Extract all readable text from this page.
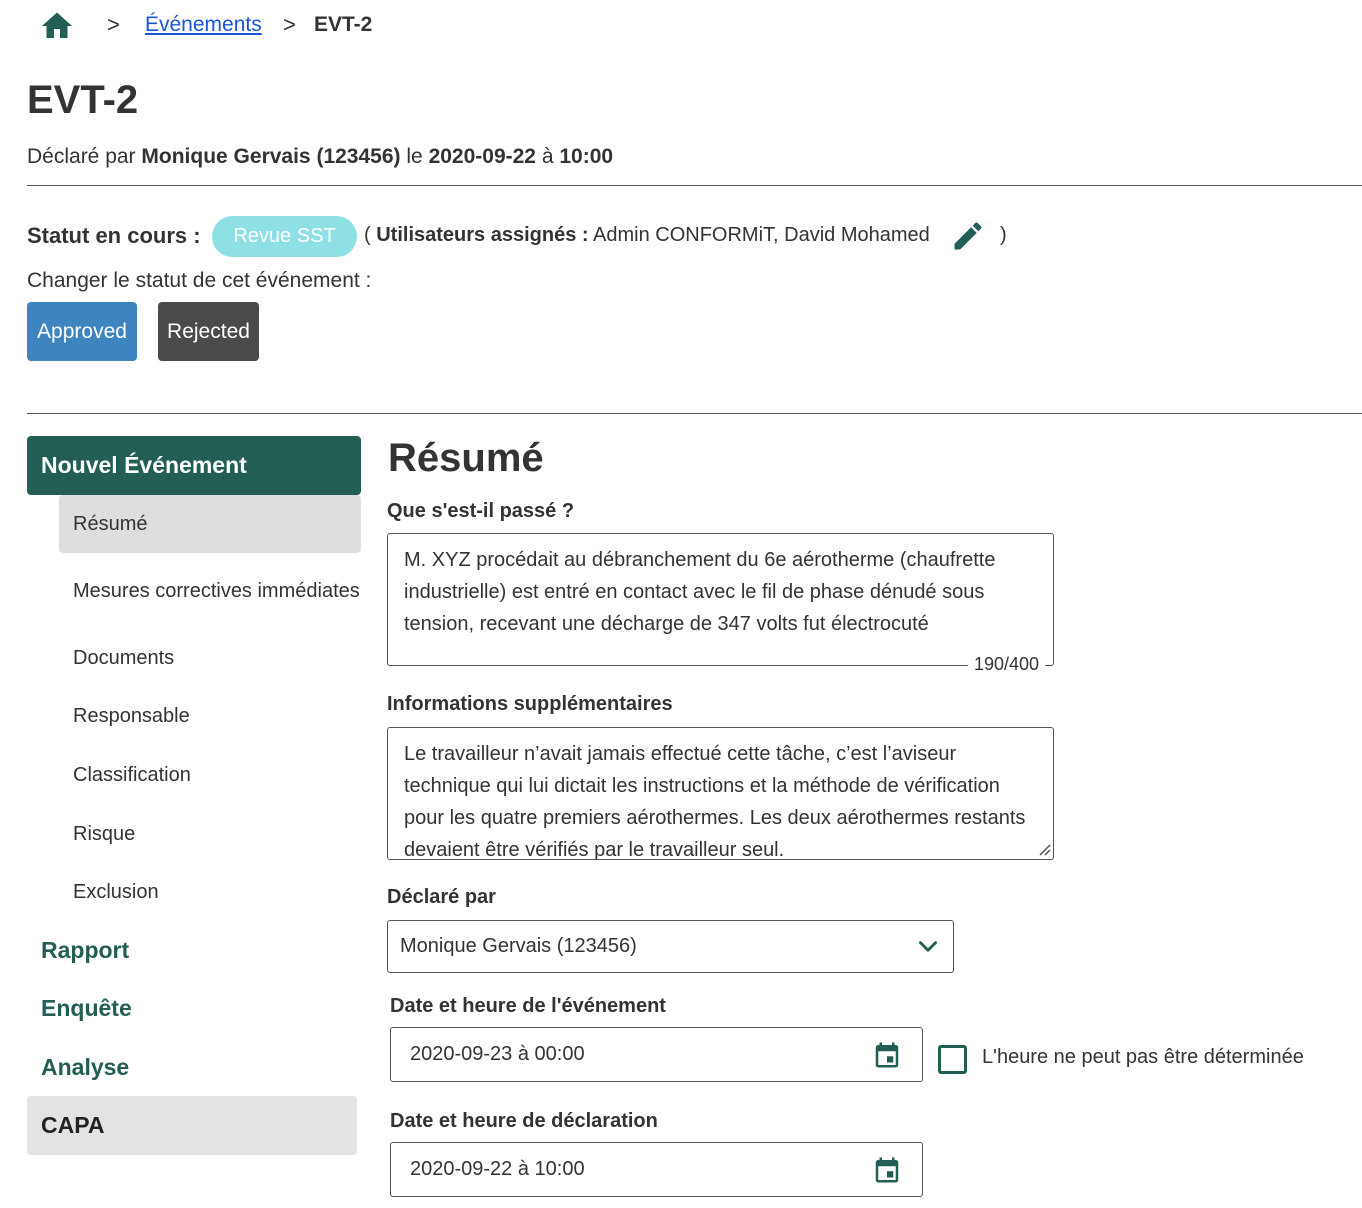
> Événements > EVT-2
EVT-2
Déclaré par Monique Gervais (123456) le 2020-09-22 à 10:00
Statut en cours :	Revue SST	( Utilisateurs assignés : Admin CONFORMiT, David Mohamed	)
Changer le statut de cet événement :
Approved	Rejected
Nouvel Événement
Résumé
Mesures correctives immédiates
Documents
Responsable
Classification
Risque
Exclusion
Rapport
Enquête
Analyse
CAPA
Résumé
Que s'est-il passé ?
M. XYZ procédait au débranchement du 6e aérotherme (chaufrette industrielle) est entré en contact avec le fil de phase dénudé sous tension, recevant une décharge de 347 volts fut électrocuté
190/400
Informations supplémentaires
Le travailleur n’avait jamais effectué cette tâche, c’est l’aviseur technique qui lui dictait les instructions et la méthode de vérification pour les quatre premiers aérothermes. Les deux aérothermes restants devaient être vérifiés par le travailleur seul.
Déclaré par
Monique Gervais (123456)
Date et heure de l'événement
2020-09-23 à 00:00	L'heure ne peut pas être déterminée
Date et heure de déclaration
2020-09-22 à 10:00
